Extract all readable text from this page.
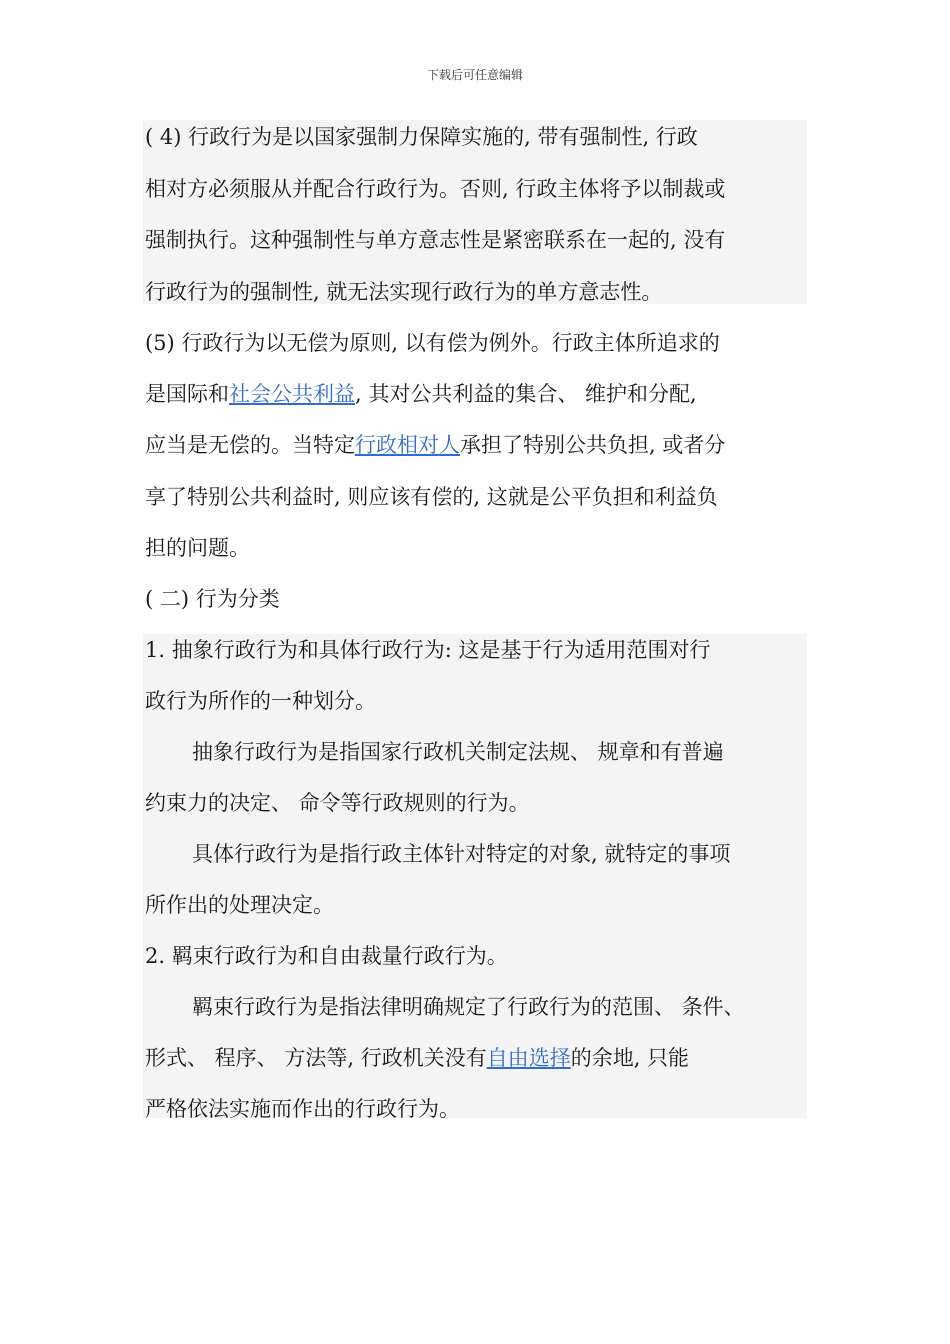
下载后可任意编辑
( 4) 行政行为是以国家强制力保障实施的, 带有强制性, 行政
相对方必须服从并配合行政行为。否则, 行政主体将予以制裁或
强制执行。这种强制性与单方意志性是紧密联系在一起的, 没有
行政行为的强制性, 就无法实现行政行为的单方意志性。
(5) 行政行为以无偿为原则, 以有偿为例外。行政主体所追求的
是国际和社会公共利益, 其对公共利益的集合、 维护和分配,
应当是无偿的。当特定行政相对人承担了特别公共负担, 或者分
享了特别公共利益时, 则应该有偿的, 这就是公平负担和利益负
担的问题。
( 二) 行为分类
1. 抽象行政行为和具体行政行为: 这是基于行为适用范围对行
政行为所作的一种划分。
抽象行政行为是指国家行政机关制定法规、 规章和有普遍
约束力的决定、 命令等行政规则的行为。
具体行政行为是指行政主体针对特定的对象, 就特定的事项
所作出的处理决定。
2. 羁束行政行为和自由裁量行政行为。
羁束行政行为是指法律明确规定了行政行为的范围、 条件、
形式、 程序、 方法等, 行政机关没有自由选择的余地, 只能
严格依法实施而作出的行政行为。
